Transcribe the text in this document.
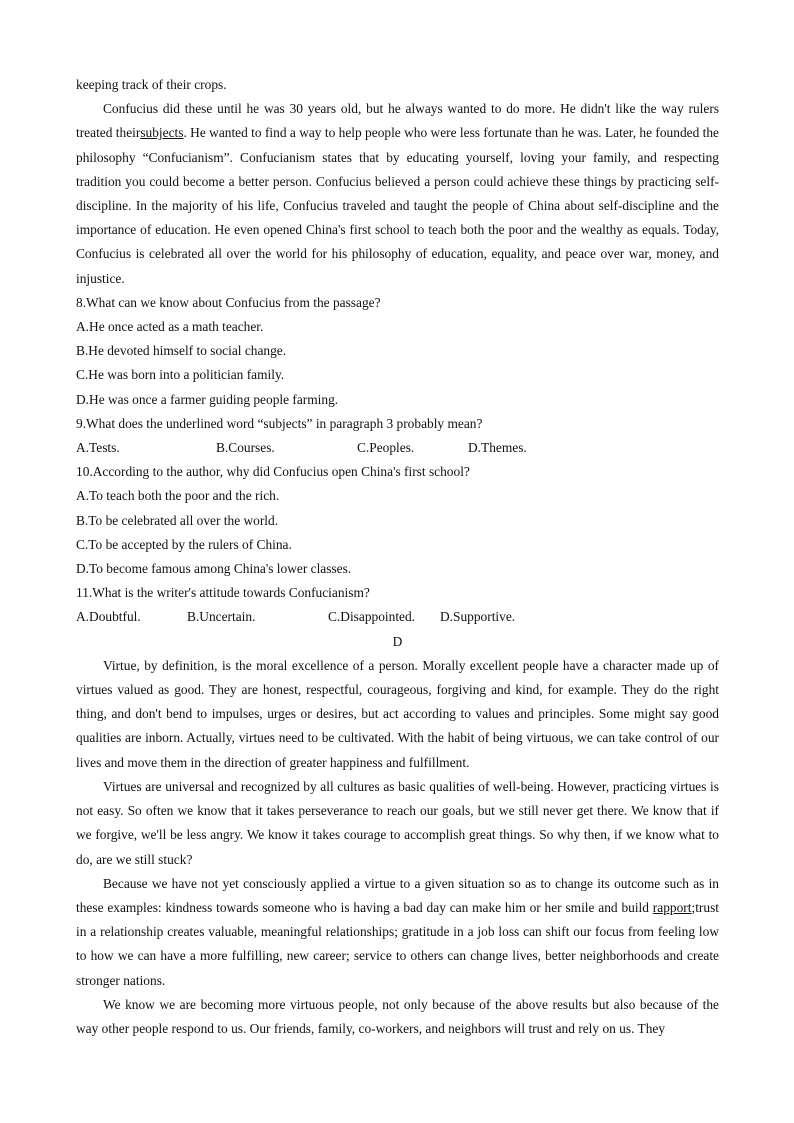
keeping track of their crops.

Confucius did these until he was 30 years old, but he always wanted to do more. He didn't like the way rulers treated theirsubjects. He wanted to find a way to help people who were less fortunate than he was. Later, he founded the philosophy “Confucianism”. Confucianism states that by educating yourself, loving your family, and respecting tradition you could become a better person. Confucius believed a person could achieve these things by practicing self-discipline. In the majority of his life, Confucius traveled and taught the people of China about self-discipline and the importance of education. He even opened China's first school to teach both the poor and the wealthy as equals. Today, Confucius is celebrated all over the world for his philosophy of education, equality, and peace over war, money, and injustice.

8.What can we know about Confucius from the passage?

A.He once acted as a math teacher.

B.He devoted himself to social change.

C.He was born into a politician family.

D.He was once a farmer guiding people farming.

9.What does the underlined word “subjects” in paragraph 3 probably mean?

A.Tests.	B.Courses.	C.Peoples.	D.Themes.

10.According to the author, why did Confucius open China's first school?

A.To teach both the poor and the rich.

B.To be celebrated all over the world.

C.To be accepted by the rulers of China.

D.To become famous among China's lower classes.

11.What is the writer's attitude towards Confucianism?

A.Doubtful.	B.Uncertain.	C.Disappointed.	D.Supportive.

D

Virtue, by definition, is the moral excellence of a person. Morally excellent people have a character made up of virtues valued as good. They are honest, respectful, courageous, forgiving and kind, for example. They do the right thing, and don't bend to impulses, urges or desires, but act according to values and principles. Some might say good qualities are inborn. Actually, virtues need to be cultivated. With the habit of being virtuous, we can take control of our lives and move them in the direction of greater happiness and fulfillment.

Virtues are universal and recognized by all cultures as basic qualities of well-being. However, practicing virtues is not easy. So often we know that it takes perseverance to reach our goals, but we still never get there. We know that if we forgive, we'll be less angry. We know it takes courage to accomplish great things. So why then, if we know what to do, are we still stuck?

Because we have not yet consciously applied a virtue to a given situation so as to change its outcome such as in these examples: kindness towards someone who is having a bad day can make him or her smile and build rapport;trust in a relationship creates valuable, meaningful relationships; gratitude in a job loss can shift our focus from feeling low to how we can have a more fulfilling, new career; service to others can change lives, better neighborhoods and create stronger nations.

We know we are becoming more virtuous people, not only because of the above results but also because of the way other people respond to us. Our friends, family, co-workers, and neighbors will trust and rely on us. They
